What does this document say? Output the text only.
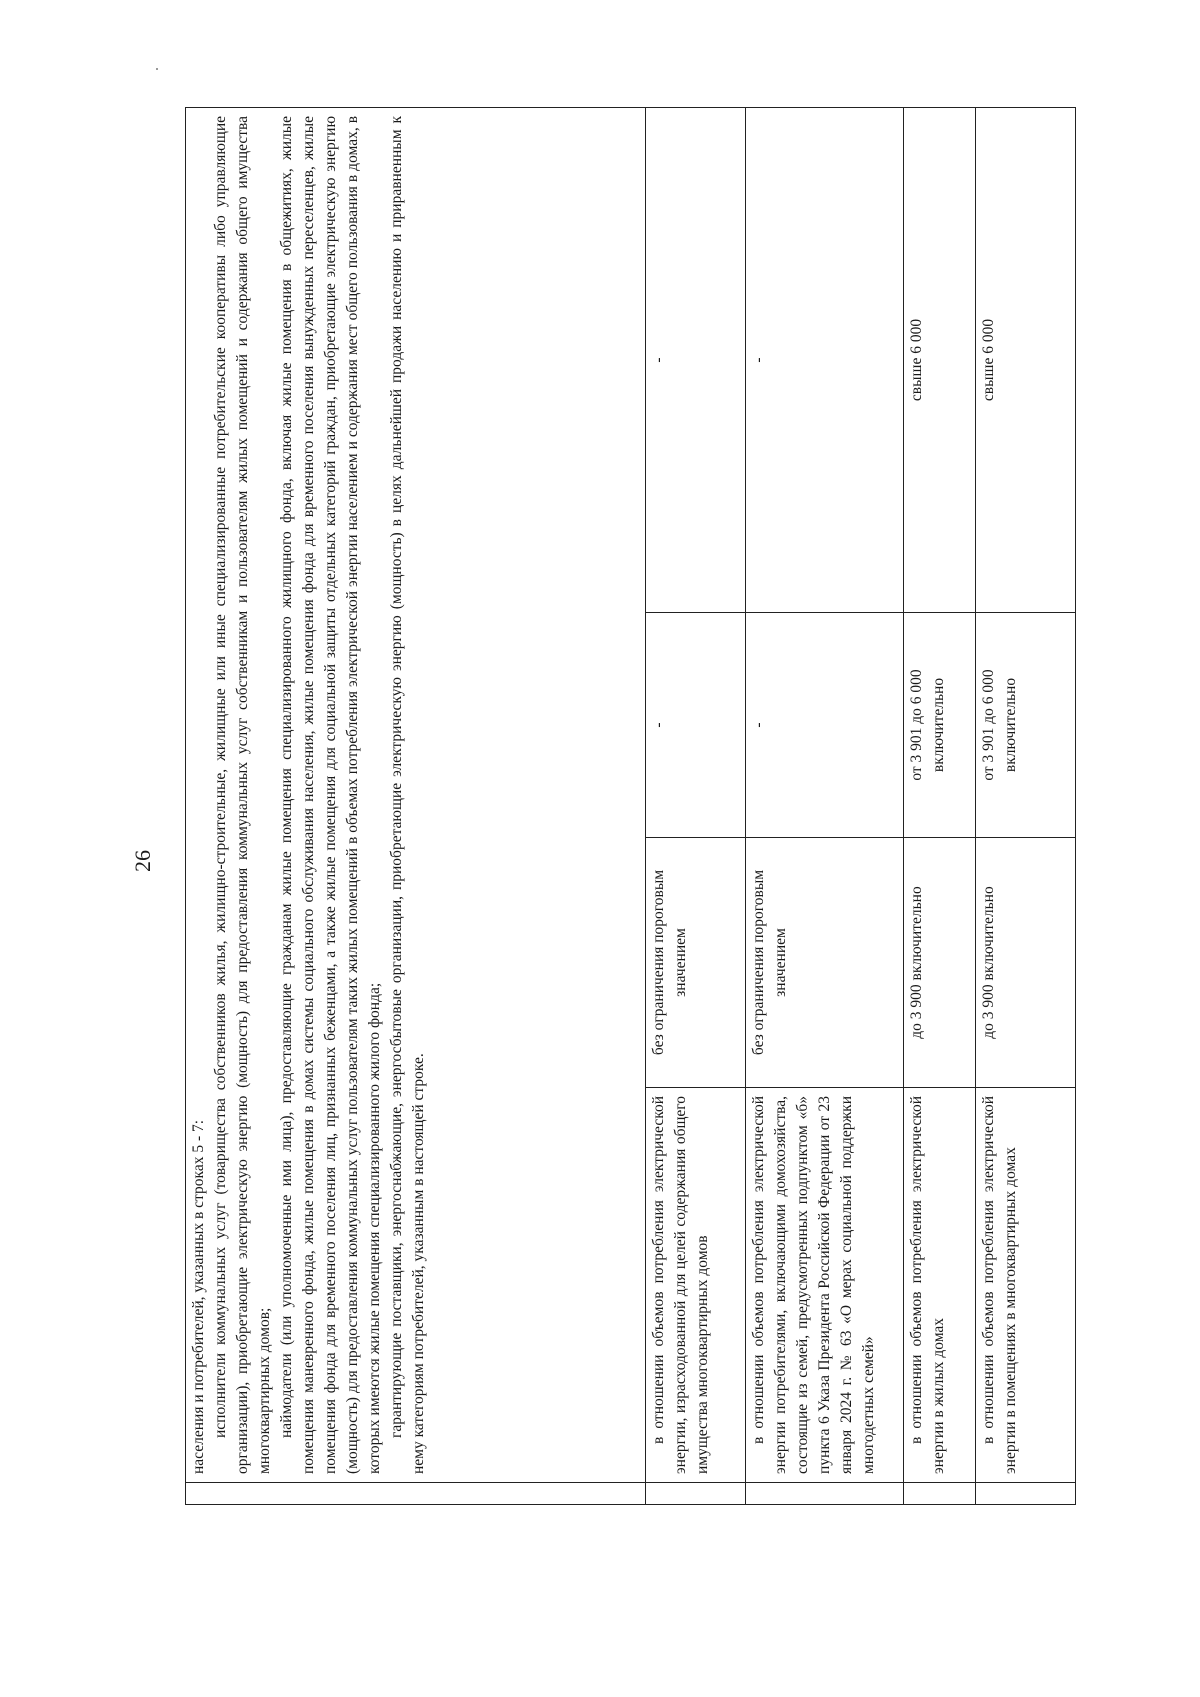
26

	населения и потребителей, указанных в строках 5 - 7: исполнители коммунальных услуг (товарищества собственников жилья, жилищно-строительные, жилищные или иные специализированные потребительские кооперативы либо управляющие организации), приобретающие электрическую энергию (мощность) для предоставления коммунальных услуг собственникам и пользователям жилых помещений и содержания общего имущества многоквартирных домов; наймодатели (или уполномоченные ими лица), предоставляющие гражданам жилые помещения специализированного жилищного фонда, включая жилые помещения в общежитиях, жилые помещения маневренного фонда, жилые помещения в домах системы социального обслуживания населения, жилые помещения фонда для временного поселения вынужденных переселенцев, жилые помещения фонда для временного поселения лиц, признанных беженцами, а также жилые помещения для социальной защиты отдельных категорий граждан, приобретающие электрическую энергию (мощность) для предоставления коммунальных услуг пользователям таких жилых помещений в объемах потребления электрической энергии населением и содержания мест общего пользования в домах, в которых имеются жилые помещения специализированного жилого фонда; гарантирующие поставщики, энергоснабжающие, энергосбытовые организации, приобретающие электрическую энергию (мощность) в целях дальнейшей продажи населению и приравненным к нему категориям потребителей, указанным в настоящей строке.			

	в отношении объемов потребления электрической энергии, израсходованной для целей содержания общего имущества многоквартирных домов	без ограничения пороговым значением	-	-

	в отношении объемов потребления электрической энергии потребителями, включающими домохозяйства, состоящие из семей, предусмотренных подпунктом «б» пункта 6 Указа Президента Российской Федерации от 23 января 2024 г. № 63 «О мерах социальной поддержки многодетных семей»	без ограничения пороговым значением	-	-

	в отношении объемов потребления электрической энергии в жилых домах	до 3 900 включительно	от 3 901 до 6 000 включительно	свыше 6 000

	в отношении объемов потребления электрической энергии в помещениях в многоквартирных домах	до 3 900 включительно	от 3 901 до 6 000 включительно	свыше 6 000
